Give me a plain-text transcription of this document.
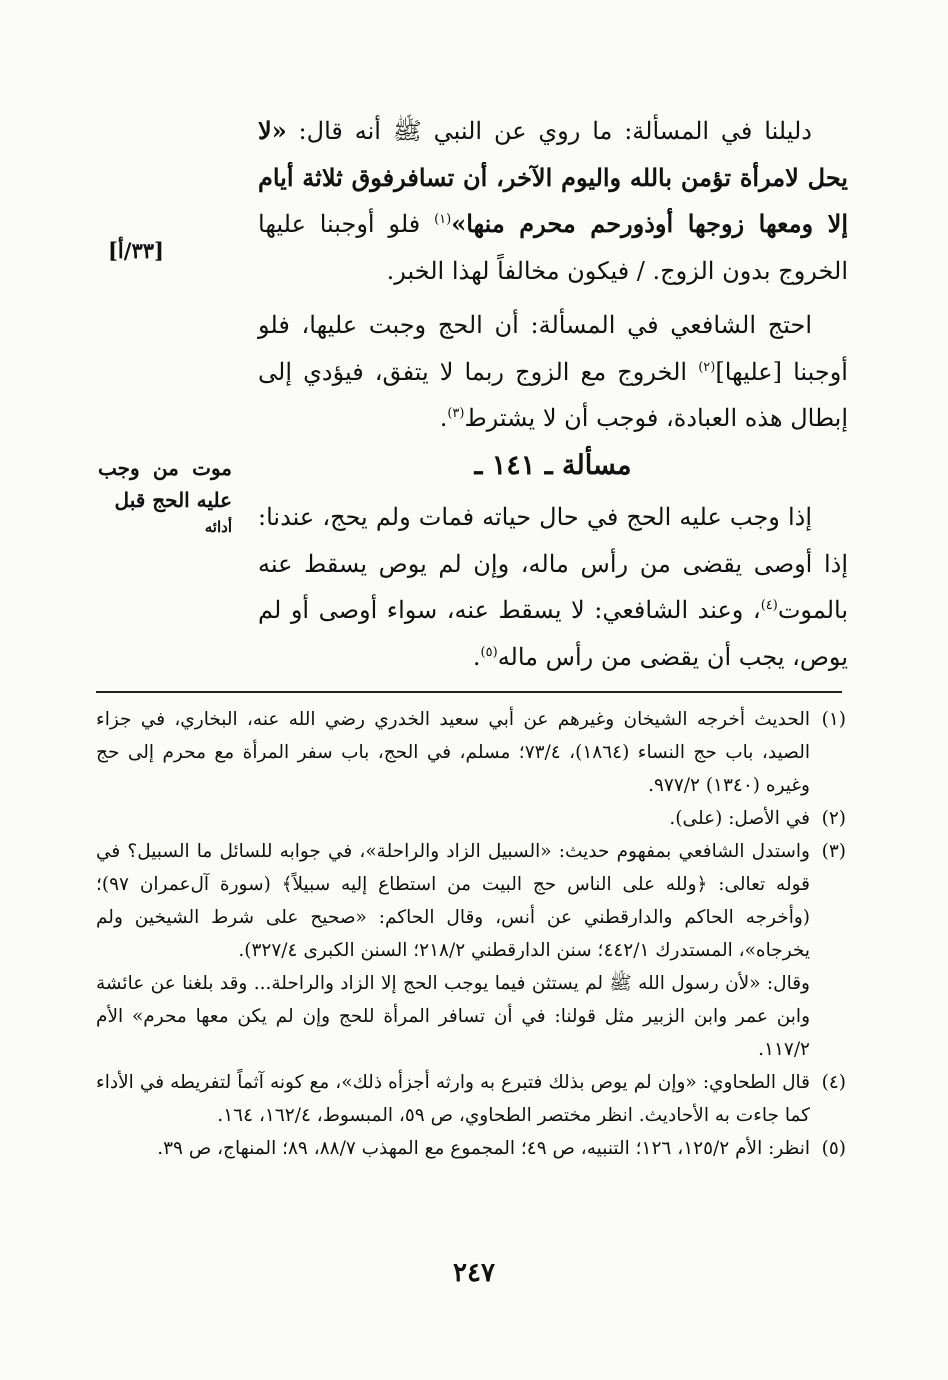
[٣٣/أ]

دليلنا في المسألة: ما روي عن النبي ﷺ أنه قال: «لا يحل لامرأة تؤمن بالله واليوم الآخر، أن تسافرفوق ثلاثة أيام إلا ومعها زوجها أوذورحم محرم منها»$^{(١)}$ فلو أوجبنا عليها الخروج بدون الزوج. / فيكون مخالفاً لهذا الخبر.

احتج الشافعي في المسألة: أن الحج وجبت عليها، فلو أوجبنا [عليها]$^{(٢)}$ الخروج مع الزوج ربما لا يتفق، فيؤدي إلى إبطال هذه العبادة، فوجب أن لا يشترط$^{(٣)}$.

مسألة ـ ١٤١ ـ
موت من وجب عليه الحج قبل
أدائه إذا وجب عليه الحج في حال حياته فمات ولم يحج، عندنا: إذا أوصى يقضى من رأس ماله، وإن لم يوص يسقط عنه بالموت$^{(٤)}$، وعند الشافعي: لا يسقط عنه، سواء أوصى أو لم يوص، يجب أن يقضى من رأس ماله$^{(٥)}$.

(١)
الحديث أخرجه الشيخان وغيرهم عن أبي سعيد الخدري رضي الله عنه، البخاري، في جزاء الصيد، باب حج النساء (١٨٦٤)، ٧٣/٤؛ مسلم، في الحج، باب سفر المرأة مع محرم إلى حج وغيره (١٣٤٠) ٩٧٧/٢.
(٢)
في الأصل: (على).
(٣)
واستدل الشافعي بمفهوم حديث: «السبيل الزاد والراحلة»، في جوابه للسائل ما السبيل؟ في قوله تعالى: ﴿ولله على الناس حج البيت من استطاع إليه سبيلاً﴾ (سورة آل‌عمران ٩٧)؛ (وأخرجه الحاكم والدارقطني عن أنس، وقال الحاكم: «صحيح على شرط الشيخين ولم يخرجاه»، المستدرك ٤٤٢/١؛ سنن الدارقطني ٢١٨/٢؛ السنن الكبرى ٣٢٧/٤).
وقال: «لأن رسول الله ﷺ لم يستثن فيما يوجب الحج إلا الزاد والراحلة... وقد بلغنا عن عائشة وابن عمر وابن الزبير مثل قولنا: في أن تسافر المرأة للحج وإن لم يكن معها محرم» الأم ١١٧/٢.
(٤)
قال الطحاوي: «وإن لم يوص بذلك فتبرع به وارثه أجزأه ذلك»، مع كونه آثماً لتفريطه في الأداء كما جاءت به الأحاديث. انظر مختصر الطحاوي، ص ٥٩، المبسوط، ١٦٢/٤، ١٦٤.
(٥)
انظر: الأم ١٢٥/٢، ١٢٦؛ التنبيه، ص ٤٩؛ المجموع مع المهذب ٨٨/٧، ٨٩؛ المنهاج، ص ٣٩.
٢٤٧
